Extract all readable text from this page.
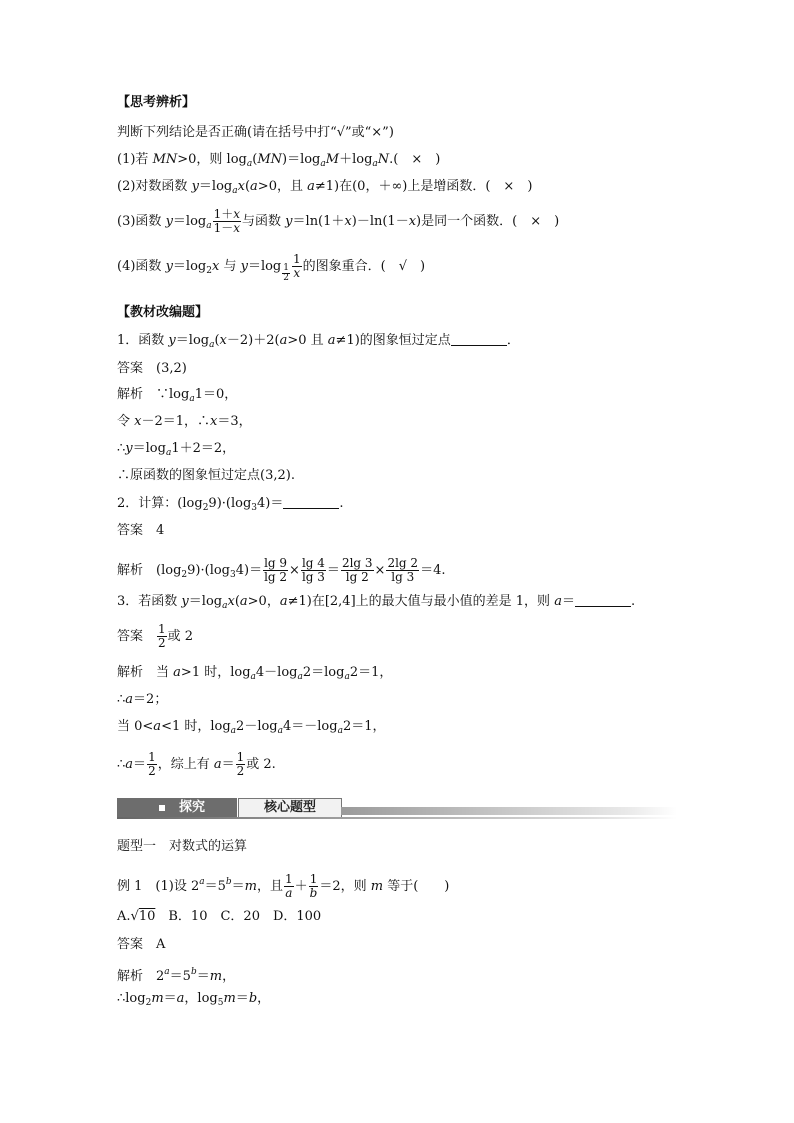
【思考辨析】
判断下列结论是否正确(请在括号中打“√”或“×”)
(1)若 MN>0，则 $\log_a(MN)=\log_aM+\log_aN$.(　×　)
(2)对数函数 $y=\log_ax(a>0$，且 a≠1)在(0，＋∞)上是增函数．(　×　)
(3)函数 $y=\log_a \frac{1+x}{1-x}$ 与函数 y＝ln(1＋x)－ln(1－x)是同一个函数．(　×　)
(4)函数 $y=\log_2x$ 与 $y=\log \frac{1}{2} \frac{1}{x}$ 的图象重合．(　√　)
【教材改编题】
1．函数 $y=\log_a(x-2)+2(a>0$ 且 a≠1)的图象恒过定点	．
答案　 (3,2)
解析　$\because\log_a1=0$，
令 x－2＝1，∴x＝3，
$\therefore y=\log_a1+2=2$，
∴原函数的图象恒过定点(3,2).
2．计算：$(\log_29)\cdot(\log_34)=$	.
答案　 4
解析　$(\log_29)\cdot(\log_34)= \frac{\lg 9}{\lg 2} \times \frac{\lg 4}{\lg 3} = \frac{2\lg 3}{\lg 2} \times \frac{2\lg 2}{\lg 3} =4$.
3．若函数 $y=\log_ax(a>0$，a≠1)在[2,4]上的最大值与最小值的差是 1，则 a＝	.
答案　 $\frac{1}{2}$ 或 2
解析　当 a>1 时，$\log_a4-\log_a2=\log_a2=1$，
∴a＝2；
当 0<a<1 时，$\log_a2-\log_a4=-\log_a2=1$，
∴a＝ $\frac{1}{2}$ ，综上有 $a= \frac{1}{2}$ 或 2.
探究	核心题型
题型一　对数式的运算
例 1　(1)设 $2^a=5^b=m$，且 $\frac{1}{a} + \frac{1}{b} =2$，则 m 等于(　　)
A.√10　 B．10　C．20　D．100
答案　 A
解析　$2^a=5^b=m$，
$\therefore\log_2m=a$，$\log_5m=b$，
